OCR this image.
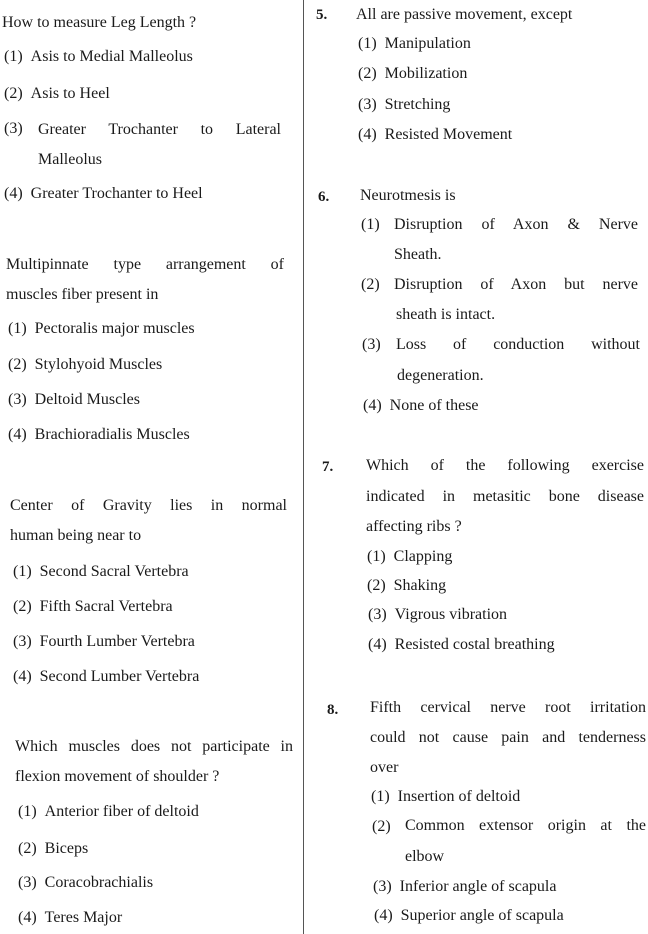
How to measure Leg Length ?
(1) Asis to Medial Malleolus
(2) Asis to Heel
(3) Greater Trochanter to Lateral
Malleolus
(4) Greater Trochanter to Heel
Multipinnate type arrangement of
muscles fiber present in
(1) Pectoralis major muscles
(2) Stylohyoid Muscles
(3) Deltoid Muscles
(4) Brachioradialis Muscles
Center of Gravity lies in normal
human being near to
(1) Second Sacral Vertebra
(2) Fifth Sacral Vertebra
(3) Fourth Lumber Vertebra
(4) Second Lumber Vertebra
Which muscles does not participate in
flexion movement of shoulder ?
(1) Anterior fiber of deltoid
(2) Biceps
(3) Coracobrachialis
(4) Teres Major
5. All are passive movement, except
(1) Manipulation
(2) Mobilization
(3) Stretching
(4) Resisted Movement
6. Neurotmesis is
(1) Disruption of Axon & Nerve
Sheath.
(2) Disruption of Axon but nerve
sheath is intact.
(3) Loss of conduction without
degeneration.
(4) None of these
7. Which of the following exercise
indicated in metasitic bone disease
affecting ribs ?
(1) Clapping
(2) Shaking
(3) Vigrous vibration
(4) Resisted costal breathing
8. Fifth cervical nerve root irritation
could not cause pain and tenderness
over
(1) Insertion of deltoid
(2) Common extensor origin at the
elbow
(3) Inferior angle of scapula
(4) Superior angle of scapula
